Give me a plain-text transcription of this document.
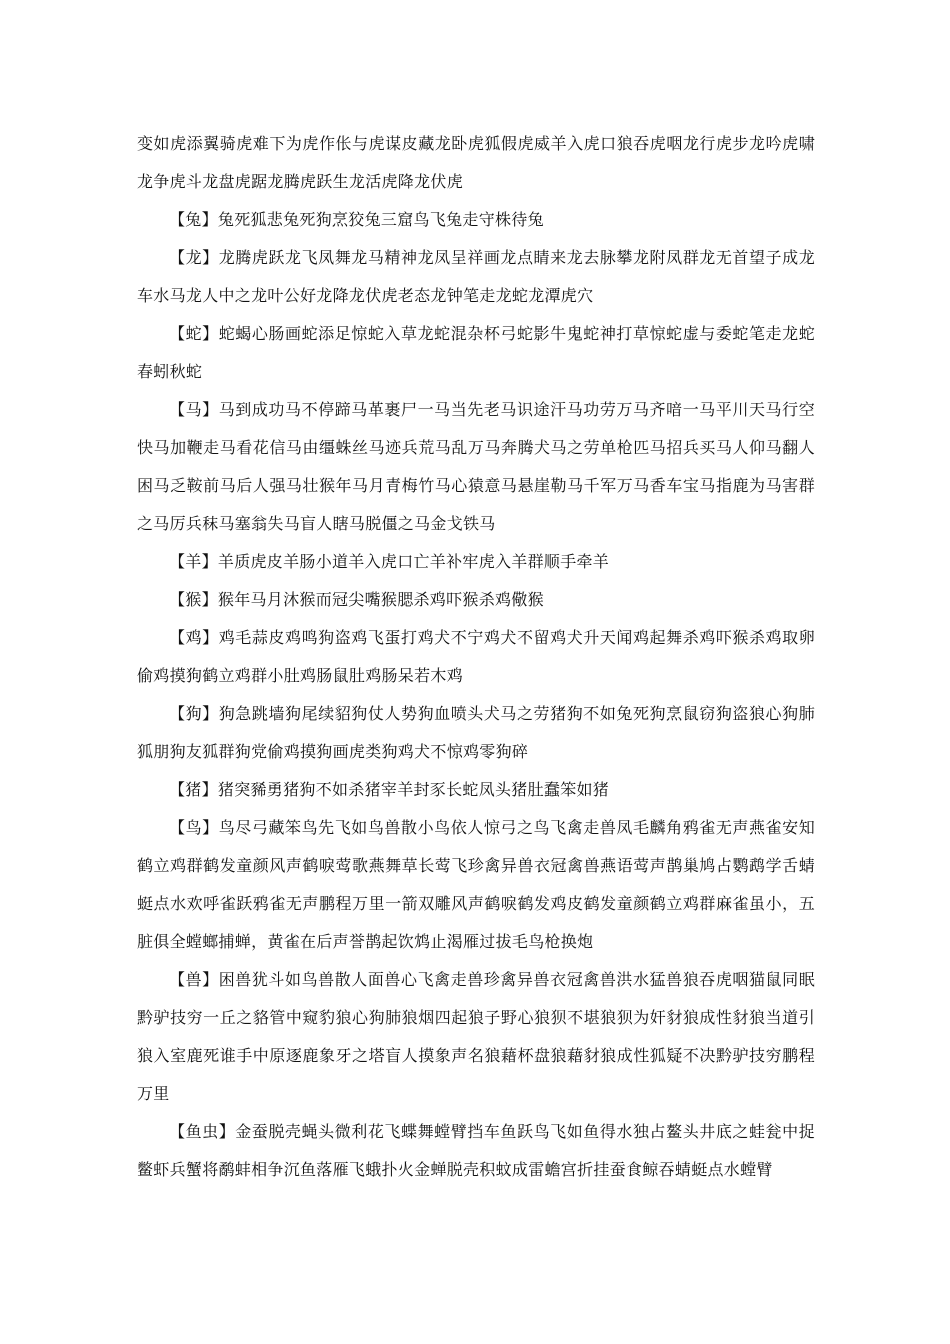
变如虎添翼骑虎难下为虎作伥与虎谋皮藏龙卧虎狐假虎威羊入虎口狼吞虎咽龙行虎步龙吟虎啸龙争虎斗龙盘虎踞龙腾虎跃生龙活虎降龙伏虎

【兔】兔死狐悲兔死狗烹狡兔三窟鸟飞兔走守株待兔

【龙】龙腾虎跃龙飞凤舞龙马精神龙凤呈祥画龙点睛来龙去脉攀龙附凤群龙无首望子成龙车水马龙人中之龙叶公好龙降龙伏虎老态龙钟笔走龙蛇龙潭虎穴

【蛇】蛇蝎心肠画蛇添足惊蛇入草龙蛇混杂杯弓蛇影牛鬼蛇神打草惊蛇虚与委蛇笔走龙蛇春蚓秋蛇

【马】马到成功马不停蹄马革裹尸一马当先老马识途汗马功劳万马齐喑一马平川天马行空快马加鞭走马看花信马由缰蛛丝马迹兵荒马乱万马奔腾犬马之劳单枪匹马招兵买马人仰马翻人困马乏鞍前马后人强马壮猴年马月青梅竹马心猿意马悬崖勒马千军万马香车宝马指鹿为马害群之马厉兵秣马塞翁失马盲人瞎马脱僵之马金戈铁马

【羊】羊质虎皮羊肠小道羊入虎口亡羊补牢虎入羊群顺手牵羊

【猴】猴年马月沐猴而冠尖嘴猴腮杀鸡吓猴杀鸡儆猴

【鸡】鸡毛蒜皮鸡鸣狗盗鸡飞蛋打鸡犬不宁鸡犬不留鸡犬升天闻鸡起舞杀鸡吓猴杀鸡取卵偷鸡摸狗鹤立鸡群小肚鸡肠鼠肚鸡肠呆若木鸡

【狗】狗急跳墙狗尾续貂狗仗人势狗血喷头犬马之劳猪狗不如兔死狗烹鼠窃狗盗狼心狗肺狐朋狗友狐群狗党偷鸡摸狗画虎类狗鸡犬不惊鸡零狗碎

【猪】猪突豨勇猪狗不如杀猪宰羊封豕长蛇凤头猪肚蠢笨如猪

【鸟】鸟尽弓藏笨鸟先飞如鸟兽散小鸟依人惊弓之鸟飞禽走兽凤毛麟角鸦雀无声燕雀安知鹤立鸡群鹤发童颜风声鹤唳莺歌燕舞草长莺飞珍禽异兽衣冠禽兽燕语莺声鹊巢鸠占鹦鹉学舌蜻蜓点水欢呼雀跃鸦雀无声鹏程万里一箭双雕风声鹤唳鹤发鸡皮鹤发童颜鹤立鸡群麻雀虽小，五脏俱全螳螂捕蝉，黄雀在后声誉鹊起饮鸩止渴雁过拔毛鸟枪换炮

【兽】困兽犹斗如鸟兽散人面兽心飞禽走兽珍禽异兽衣冠禽兽洪水猛兽狼吞虎咽猫鼠同眠黔驴技穷一丘之貉管中窥豹狼心狗肺狼烟四起狼子野心狼狈不堪狼狈为奸豺狼成性豺狼当道引狼入室鹿死谁手中原逐鹿象牙之塔盲人摸象声名狼藉杯盘狼藉豺狼成性狐疑不决黔驴技穷鹏程万里

【鱼虫】金蚕脱壳蝇头微利花飞蝶舞螳臂挡车鱼跃鸟飞如鱼得水独占鳌头井底之蛙瓮中捉鳖虾兵蟹将鹬蚌相争沉鱼落雁飞蛾扑火金蝉脱壳积蚊成雷蟾宫折挂蚕食鲸吞蜻蜓点水螳臂
